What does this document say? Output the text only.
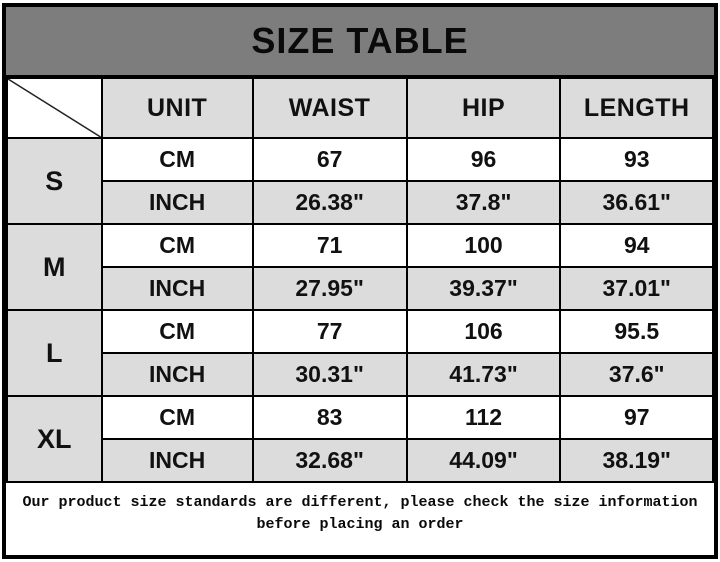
SIZE TABLE
	UNIT	WAIST	HIP	LENGTH
S	CM	67	96	93
	INCH	26.38"	37.8"	36.61"
M	CM	71	100	94
	INCH	27.95"	39.37"	37.01"
L	CM	77	106	95.5
	INCH	30.31"	41.73"	37.6"
XL	CM	83	112	97
	INCH	32.68"	44.09"	38.19"
Our product size standards are different, please check the size information
before placing an order
